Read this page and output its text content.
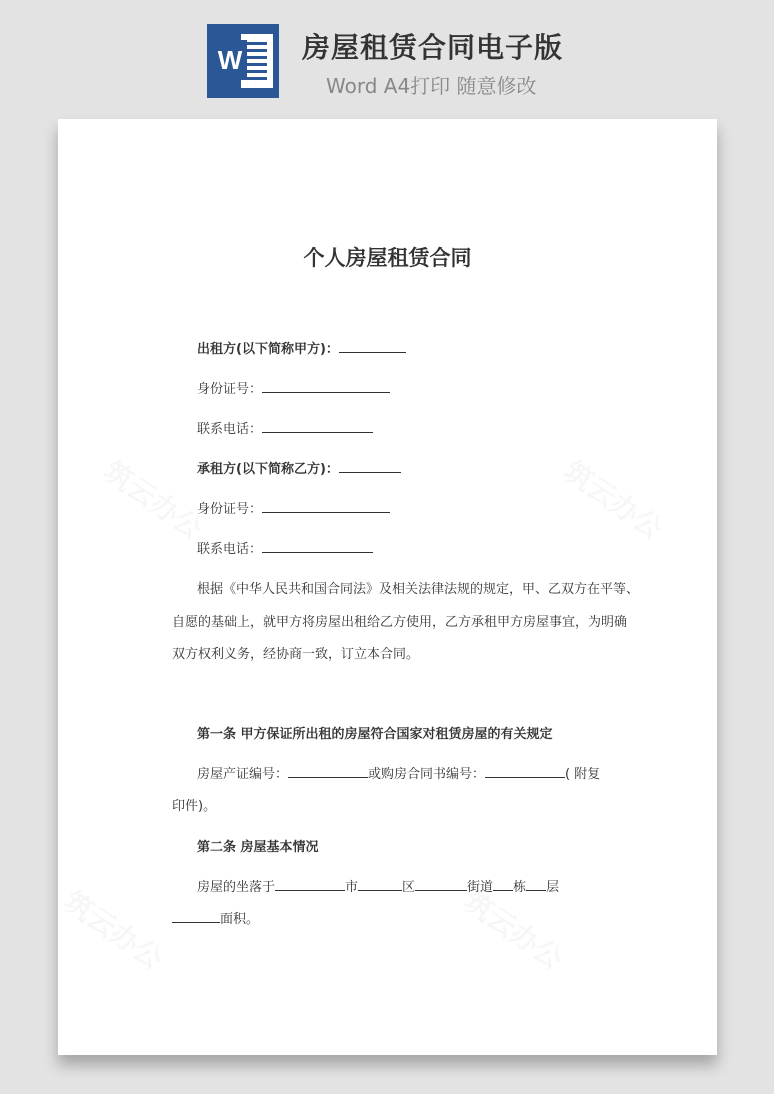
W 房屋租赁合同电子版
Word A4打印 随意修改
个人房屋租赁合同
出租方(以下简称甲方)：
身份证号：
联系电话：
承租方(以下简称乙方)：
身份证号：
联系电话：
根据《中华人民共和国合同法》及相关法律法规的规定，甲、乙双方在平等、
自愿的基础上，就甲方将房屋出租给乙方使用，乙方承租甲方房屋事宜，为明确
双方权利义务，经协商一致，订立本合同。
第一条 甲方保证所出租的房屋符合国家对租赁房屋的有关规定
房屋产证编号：	或购房合同书编号：	( 附复
印件)。
第二条 房屋基本情况
房屋的坐落于	市	区	街道 栋 层
面积。
